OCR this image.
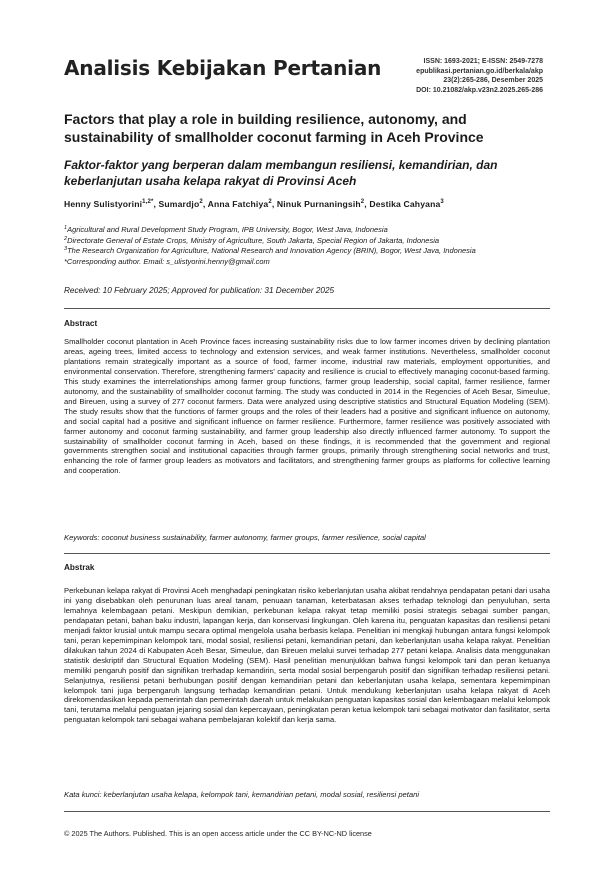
Analisis Kebijakan Pertanian	ISSN: 1693-2021; E-ISSN: 2549-7278
epublikasi.pertanian.go.id/berkala/akp
23(2):265-286, Desember 2025
DOI: 10.21082/akp.v23n2.2025.265-286
Factors that play a role in building resilience, autonomy, and sustainability of smallholder coconut farming in Aceh Province
Faktor-faktor yang berperan dalam membangun resiliensi, kemandirian, dan keberlanjutan usaha kelapa rakyat di Provinsi Aceh
Henny Sulistyorini$^{1,2*}$, Sumardjo$^2$, Anna Fatchiya$^2$, Ninuk Purnaningsih$^2$, Destika Cahyana$^3$
$^1$Agricultural and Rural Development Study Program, IPB University, Bogor, West Java, Indonesia
$^2$Directorate General of Estate Crops, Ministry of Agriculture, South Jakarta, Special Region of Jakarta, Indonesia
$^3$The Research Organization for Agriculture, National Research and Innovation Agency (BRIN), Bogor, West Java, Indonesia
*Corresponding author. Email: s_ulistyorini.henny@gmail.com
Received: 10 February 2025; Approved for publication: 31 December 2025
Abstract
Smallholder coconut plantation in Aceh Province faces increasing sustainability risks due to low farmer incomes driven by declining plantation areas, ageing trees, limited access to technology and extension services, and weak farmer institutions. Nevertheless, smallholder coconut plantations remain strategically important as a source of food, farmer income, industrial raw materials, employment opportunities, and environmental conservation. Therefore, strengthening farmers' capacity and resilience is crucial to effectively managing coconut-based farming. This study examines the interrelationships among farmer group functions, farmer group leadership, social capital, farmer resilience, farmer autonomy, and the sustainability of smallholder coconut farming. The study was conducted in 2014 in the Regencies of Aceh Besar, Simeulue, and Bireuen, using a survey of 277 coconut farmers. Data were analyzed using descriptive statistics and Structural Equation Modeling (SEM). The study results show that the functions of farmer groups and the roles of their leaders had a positive and significant influence on autonomy, and social capital had a positive and significant influence on farmer resilience. Furthermore, farmer resilience was positively associated with farmer autonomy and coconut farming sustainability, and farmer group leadership also directly influenced farmer autonomy. To support the sustainability of smallholder coconut farming in Aceh, based on these findings, it is recommended that the government and regional governments strengthen social and institutional capacities through farmer groups, primarily through strengthening social networks and trust, enhancing the role of farmer group leaders as motivators and facilitators, and strengthening farmer groups as platforms for collective learning and cooperation.
Keywords: coconut business sustainability, farmer autonomy, farmer groups, farmer resilience, social capital
Abstrak
Perkebunan kelapa rakyat di Provinsi Aceh menghadapi peningkatan risiko keberlanjutan usaha akibat rendahnya pendapatan petani dari usaha ini yang disebabkan oleh penurunan luas areal tanam, penuaan tanaman, keterbatasan akses terhadap teknologi dan penyuluhan, serta lemahnya kelembagaan petani. Meskipun demikian, perkebunan kelapa rakyat tetap memiliki posisi strategis sebagai sumber pangan, pendapatan petani, bahan baku industri, lapangan kerja, dan konservasi lingkungan. Oleh karena itu, penguatan kapasitas dan resiliensi petani menjadi faktor krusial untuk mampu secara optimal mengelola usaha berbasis kelapa. Penelitian ini mengkaji hubungan antara fungsi kelompok tani, peran kepemimpinan kelompok tani, modal sosial, resiliensi petani, kemandirian petani, dan keberlanjutan usaha kelapa rakyat. Penelitian dilakukan tahun 2024 di Kabupaten Aceh Besar, Simeulue, dan Bireuen melalui survei terhadap 277 petani kelapa. Analisis data menggunakan statistik deskriptif dan Structural Equation Modeling (SEM). Hasil penelitian menunjukkan bahwa fungsi kelompok tani dan peran ketuanya memiliki pengaruh positif dan signifikan trerhadap kemandirin, serta modal sosial berpengaruh positif dan signifikan terhadap resiliensi petani. Selanjutnya, resiliensi petani berhubungan positif dengan kemandirian petani dan keberlanjutan usaha kelapa, sementara kepemimpinan kelompok tani juga berpengaruh langsung terhadap kemandirian petani. Untuk mendukung keberlanjutan usaha kelapa rakyat di Aceh direkomendasikan kepada pemerintah dan pemerintah daerah untuk melakukan penguatan kapasitas sosial dan kelembagaan melalui kelompok tani, terutama melalui penguatan jejaring sosial dan kepercayaan, peningkatan peran ketua kelompok tani sebagai motivator dan fasilitator, serta penguatan kelompok tani sebagai wahana pembelajaran kolektif dan kerja sama.
Kata kunci: keberlanjutan usaha kelapa, kelompok tani, kemandirian petani, modal sosial, resiliensi petani
© 2025 The Authors. Published. This is an open access article under the CC BY-NC-ND license
